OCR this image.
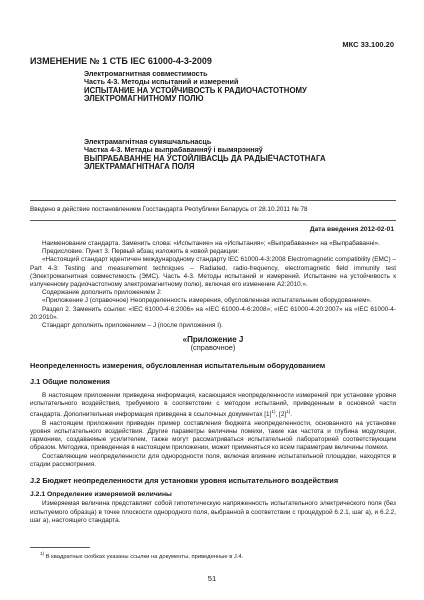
МКС 33.100.20
ИЗМЕНЕНИЕ № 1 СТБ IEC 61000-4-3-2009
Электромагнитная совместимость
Часть 4-3. Методы испытаний и измерений
ИСПЫТАНИЕ НА УСТОЙЧИВОСТЬ К РАДИОЧАСТОТНОМУ
ЭЛЕКТРОМАГНИТНОМУ ПОЛЮ
Электрамагнітная сумяшчальнасць
Частка 4-3. Метады выпрабаванняў і вымярэнняў
ВЫПРАБАВАННЕ НА ЎСТОЙЛІВАСЦЬ ДА РАДЫЁЧАСТОТНАГА
ЭЛЕКТРАМАГНІТНАГА ПОЛЯ
Введено в действие постановлением Госстандарта Республики Беларусь от 28.10.2011 № 78
Дата введения 2012-02-01

Наименование стандарта. Заменить слова: «Испытание» на «Испытания»; «Выпрабаванне» на «Выпрабаванні».

Предисловие. Пункт 3. Первый абзац изложить в новой редакции:

«Настоящий стандарт идентичен международному стандарту IEC 61000-4-3:2008 Electromagnetic compatibility (EMC) – Part 4-3: Testing and measurement techniques – Radiated, radio-frequency, electromagnetic field immunity test (Электромагнитная совместимость (ЭМС). Часть 4-3. Методы испытаний и измерений. Испытание на устойчивость к излученному радиочастотному электромагнитному полю), включая его изменение A2:2010.».

Содержание дополнить приложением J:

«Приложение J (справочное) Неопределенность измерения, обусловленная испытательным оборудованием».

Раздел 2. Заменить ссылки: «IEC 61000-4-6:2006» на «IEC 61000-4-6:2008»; «IEC 61000-4-20:2007» на «IEC 61000-4-20:2010».

Стандарт дополнить приложением – J (после приложения I).

«Приложение J
(справочное)
Неопределенность измерения, обусловленная испытательным оборудованием
J.1 Общие положения

В настоящем приложении приведена информация, касающаяся неопределенности измерений при установке уровня испытательного воздействия, требуемого в соответствии с методом испытаний, приведенным в основной части стандарта. Дополнительная информация приведена в ссылочных документах $[1]^{1)}$, $[2]^{1)}$.

В настоящем приложении приведен пример составления бюджета неопределенности, основанного на установке уровня испытательного воздействия. Другие параметры величины помехи, такие как частота и глубина модуляции, гармоники, создаваемые усилителем, также могут рассматриваться испытательной лабораторией соответствующим образом. Методика, приведенная в настоящем приложении, может применяться ко всем параметрам величины помехи.

Составляющие неопределенности для однородности поля, включая влияние испытательной площадки, находятся в стадии рассмотрения.

J.2 Бюджет неопределенности для установки уровня испытательного воздействия
J.2.1 Определение измеряемой величины

Измеряемая величина представляет собой гипотетическую напряженность испытательного электрического поля (без испытуемого образца) в точке плоскости однородного поля, выбранной в соответствии с процедурой 6.2.1, шаг а), и 6.2.2, шаг а), настоящего стандарта.

$^{1)}$ В квадратных скобках указаны ссылки на документы, приведенные в J.4.
51
